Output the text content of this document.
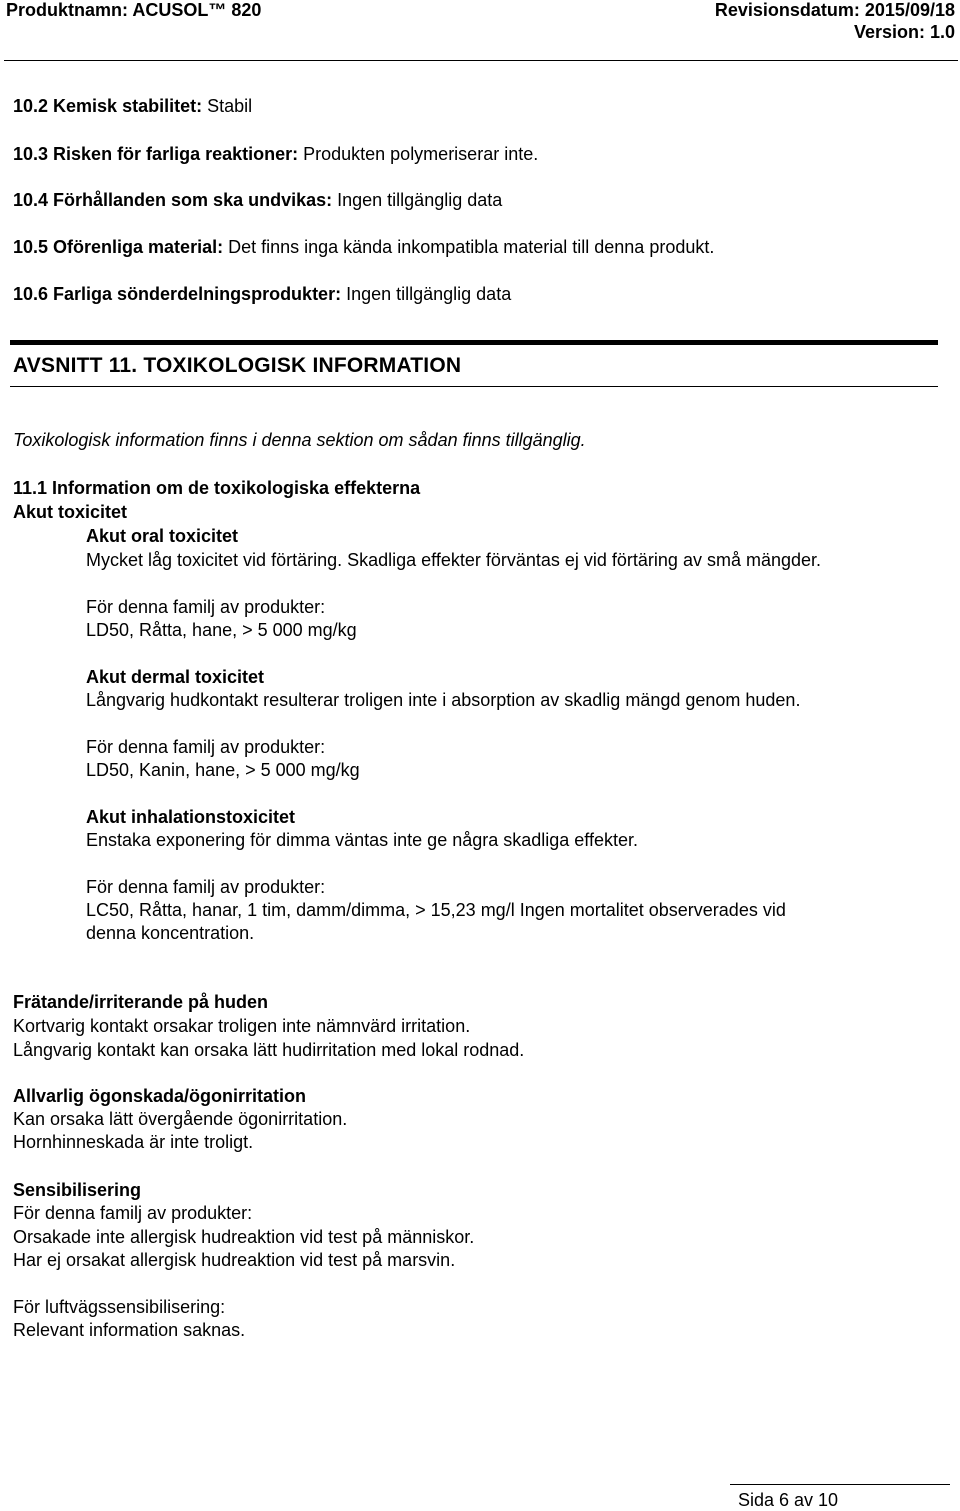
Produktnamn: ACUSOL™ 820	Revisionsdatum: 2015/09/18
Version: 1.0
10.2 Kemisk stabilitet: Stabil
10.3 Risken för farliga reaktioner: Produkten polymeriserar inte.
10.4 Förhållanden som ska undvikas: Ingen tillgänglig data
10.5 Oförenliga material: Det finns inga kända inkompatibla material till denna produkt.
10.6 Farliga sönderdelningsprodukter: Ingen tillgänglig data
AVSNITT 11. TOXIKOLOGISK INFORMATION
Toxikologisk information finns i denna sektion om sådan finns tillgänglig.
11.1 Information om de toxikologiska effekterna
Akut toxicitet
Akut oral toxicitet
Mycket låg toxicitet vid förtäring. Skadliga effekter förväntas ej vid förtäring av små mängder.
För denna familj av produkter:
LD50, Råtta, hane, > 5 000 mg/kg
Akut dermal toxicitet
Långvarig hudkontakt resulterar troligen inte i absorption av skadlig mängd genom huden.
För denna familj av produkter:
LD50, Kanin, hane, > 5 000 mg/kg
Akut inhalationstoxicitet
Enstaka exponering för dimma väntas inte ge några skadliga effekter.
För denna familj av produkter:
LC50, Råtta, hanar, 1 tim, damm/dimma, > 15,23 mg/l Ingen mortalitet observerades vid
denna koncentration.
Frätande/irriterande på huden
Kortvarig kontakt orsakar troligen inte nämnvärd irritation.
Långvarig kontakt kan orsaka lätt hudirritation med lokal rodnad.
Allvarlig ögonskada/ögonirritation
Kan orsaka lätt övergående ögonirritation.
Hornhinneskada är inte troligt.
Sensibilisering
För denna familj av produkter:
Orsakade inte allergisk hudreaktion vid test på människor.
Har ej orsakat allergisk hudreaktion vid test på marsvin.
För luftvägssensibilisering:
Relevant information saknas.
Sida 6 av 10
